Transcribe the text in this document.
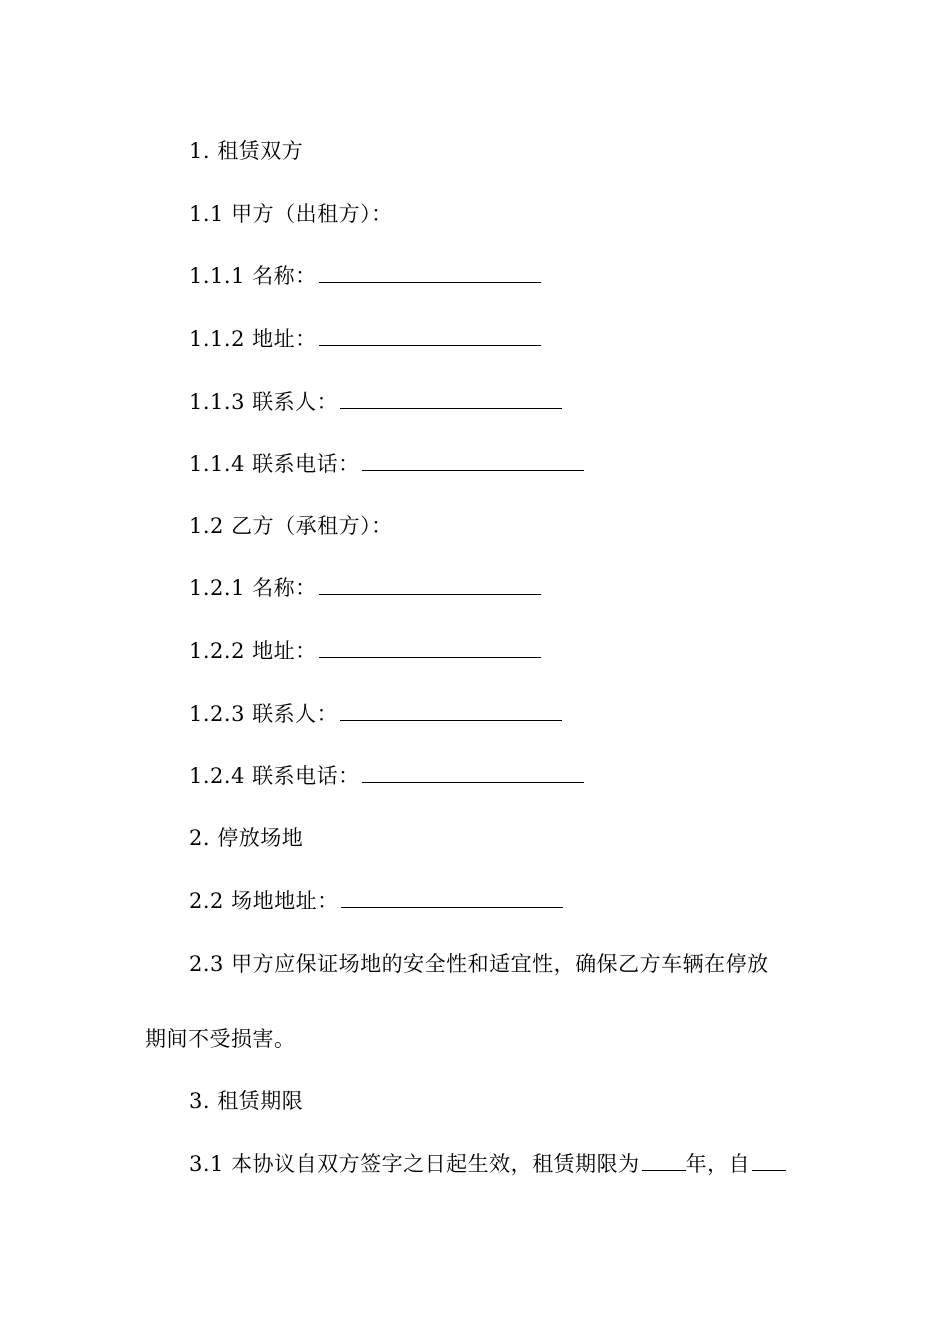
1. 租赁双方
1.1 甲方（出租方）：
1.1.1 名称：
1.1.2 地址：
1.1.3 联系人：
1.1.4 联系电话：
1.2 乙方（承租方）：
1.2.1 名称：
1.2.2 地址：
1.2.3 联系人：
1.2.4 联系电话：
2. 停放场地
2.2 场地地址：
2.3 甲方应保证场地的安全性和适宜性，确保乙方车辆在停放
期间不受损害。
3. 租赁期限
3.1 本协议自双方签字之日起生效，租赁期限为 年，自
